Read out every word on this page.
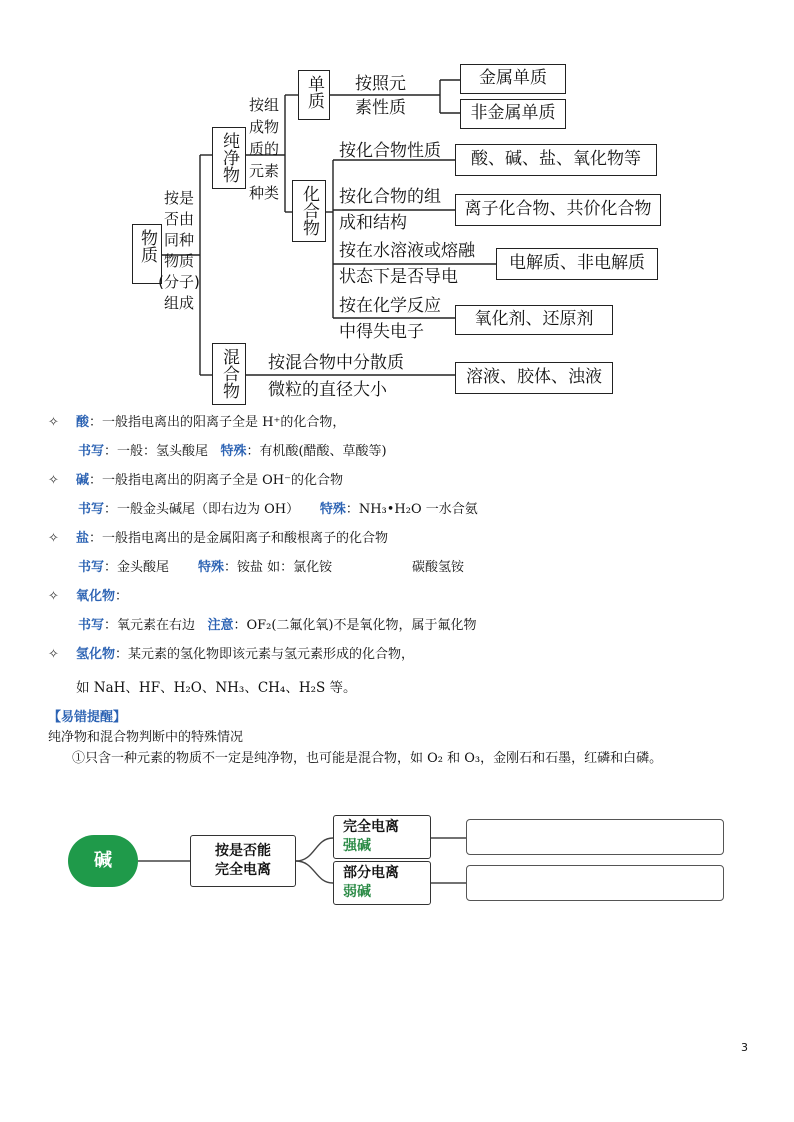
物质
按是否由同种物质(分子)组成
纯净物
按组成物质的元素种类
单质	按照元
素性质
金属单质
非金属单质
化合物
按化合物性质	酸、碱、盐、氧化物等
按化合物的组
成和结构
离子化合物、共价化合物
按在水溶液或熔融
状态下是否导电
电解质、非电解质
按在化学反应
中得失电子
氧化剂、还原剂
混合物	按混合物中分散质
微粒的直径大小
溶液、胶体、浊液
✧ 酸：一般指电离出的阳离子全是 H⁺的化合物，
书写：一般：氢头酸尾 特殊：有机酸(醋酸、草酸等)
✧ 碱：一般指电离出的阴离子全是 OH⁻的化合物
书写：一般金头碱尾（即右边为 OH） 特殊：NH₃•H₂O 一水合氨
✧ 盐：一般指电离出的是金属阳离子和酸根离子的化合物
书写：金头酸尾 特殊：铵盐 如：氯化铵	碳酸氢铵
✧ 氧化物：
书写：氧元素在右边 注意：OF₂(二氟化氧)不是氧化物，属于氟化物
✧ 氢化物：某元素的氢化物即该元素与氢元素形成的化合物，
如 NaH、HF、H₂O、NH₃、CH₄、H₂S 等。
【易错提醒】
纯净物和混合物判断中的特殊情况
①只含一种元素的物质不一定是纯净物，也可能是混合物，如 O₂ 和 O₃，金刚石和石墨，红磷和白磷。
碱	按是否能
完全电离
完全电离
强碱
部分电离
弱碱
3
